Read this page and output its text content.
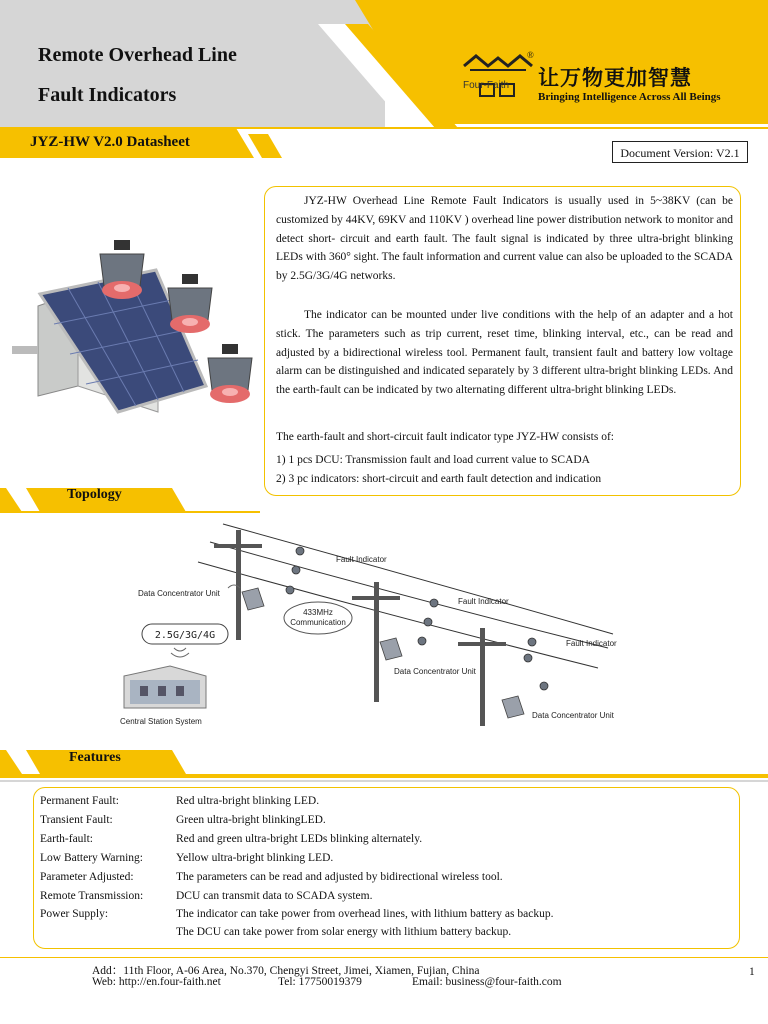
Remote Overhead Line
Fault Indicators	Four-Faith
®
让万物更加智慧
Bringing Intelligence Across All Beings
JYZ-HW V2.0 Datasheet
Document Version: V2.1
JYZ-HW Overhead Line Remote Fault Indicators is usually used in 5~38KV (can be customized by 44KV, 69KV and 110KV ) overhead line power distribution network to monitor and detect short- circuit and earth fault. The fault signal is indicated by three ultra-bright blinking LEDs with 360° sight. The fault information and current value can also be uploaded to the SCADA by 2.5G/3G/4G networks.
The indicator can be mounted under live conditions with the help of an adapter and a hot stick. The parameters such as trip current, reset time, blinking interval, etc., can be read and adjusted by a bidirectional wireless tool. Permanent fault, transient fault and battery low voltage alarm can be distinguished and indicated separately by 3 different ultra-bright blinking LEDs. And the earth-fault can be indicated by two alternating different ultra-bright blinking LEDs.
The earth-fault and short-circuit fault indicator type JYZ-HW consists of:
1) 1 pcs DCU: Transmission fault and load current value to SCADA
2) 3 pc indicators: short-circuit and earth fault detection and indication
Topology
433MHz
Communication
2.5G/3G/4G
Data Concentrator Unit
Fault Indicator
Fault Indicator
Fault Indicator
Data Concentrator Unit
Data Concentrator Unit
Central Station System
Features
Permanent Fault:	Red ultra-bright blinking LED.
Transient Fault:	Green ultra-bright blinkingLED.
Earth-fault:	Red and green ultra-bright LEDs blinking alternately.
Low Battery Warning:	Yellow ultra-bright blinking LED.
Parameter Adjusted:	The parameters can be read and adjusted by bidirectional wireless tool.
Remote Transmission:	DCU can transmit data to SCADA system.
Power Supply:	The indicator can take power from overhead lines, with lithium battery as backup.
The DCU can take power from solar energy with lithium battery backup.
Add：11th Floor, A-06 Area, No.370, Chengyi Street, Jimei, Xiamen, Fujian, China
Web: http://en.four-faith.net	Tel: 17750019379	Email: business@four-faith.com
1
